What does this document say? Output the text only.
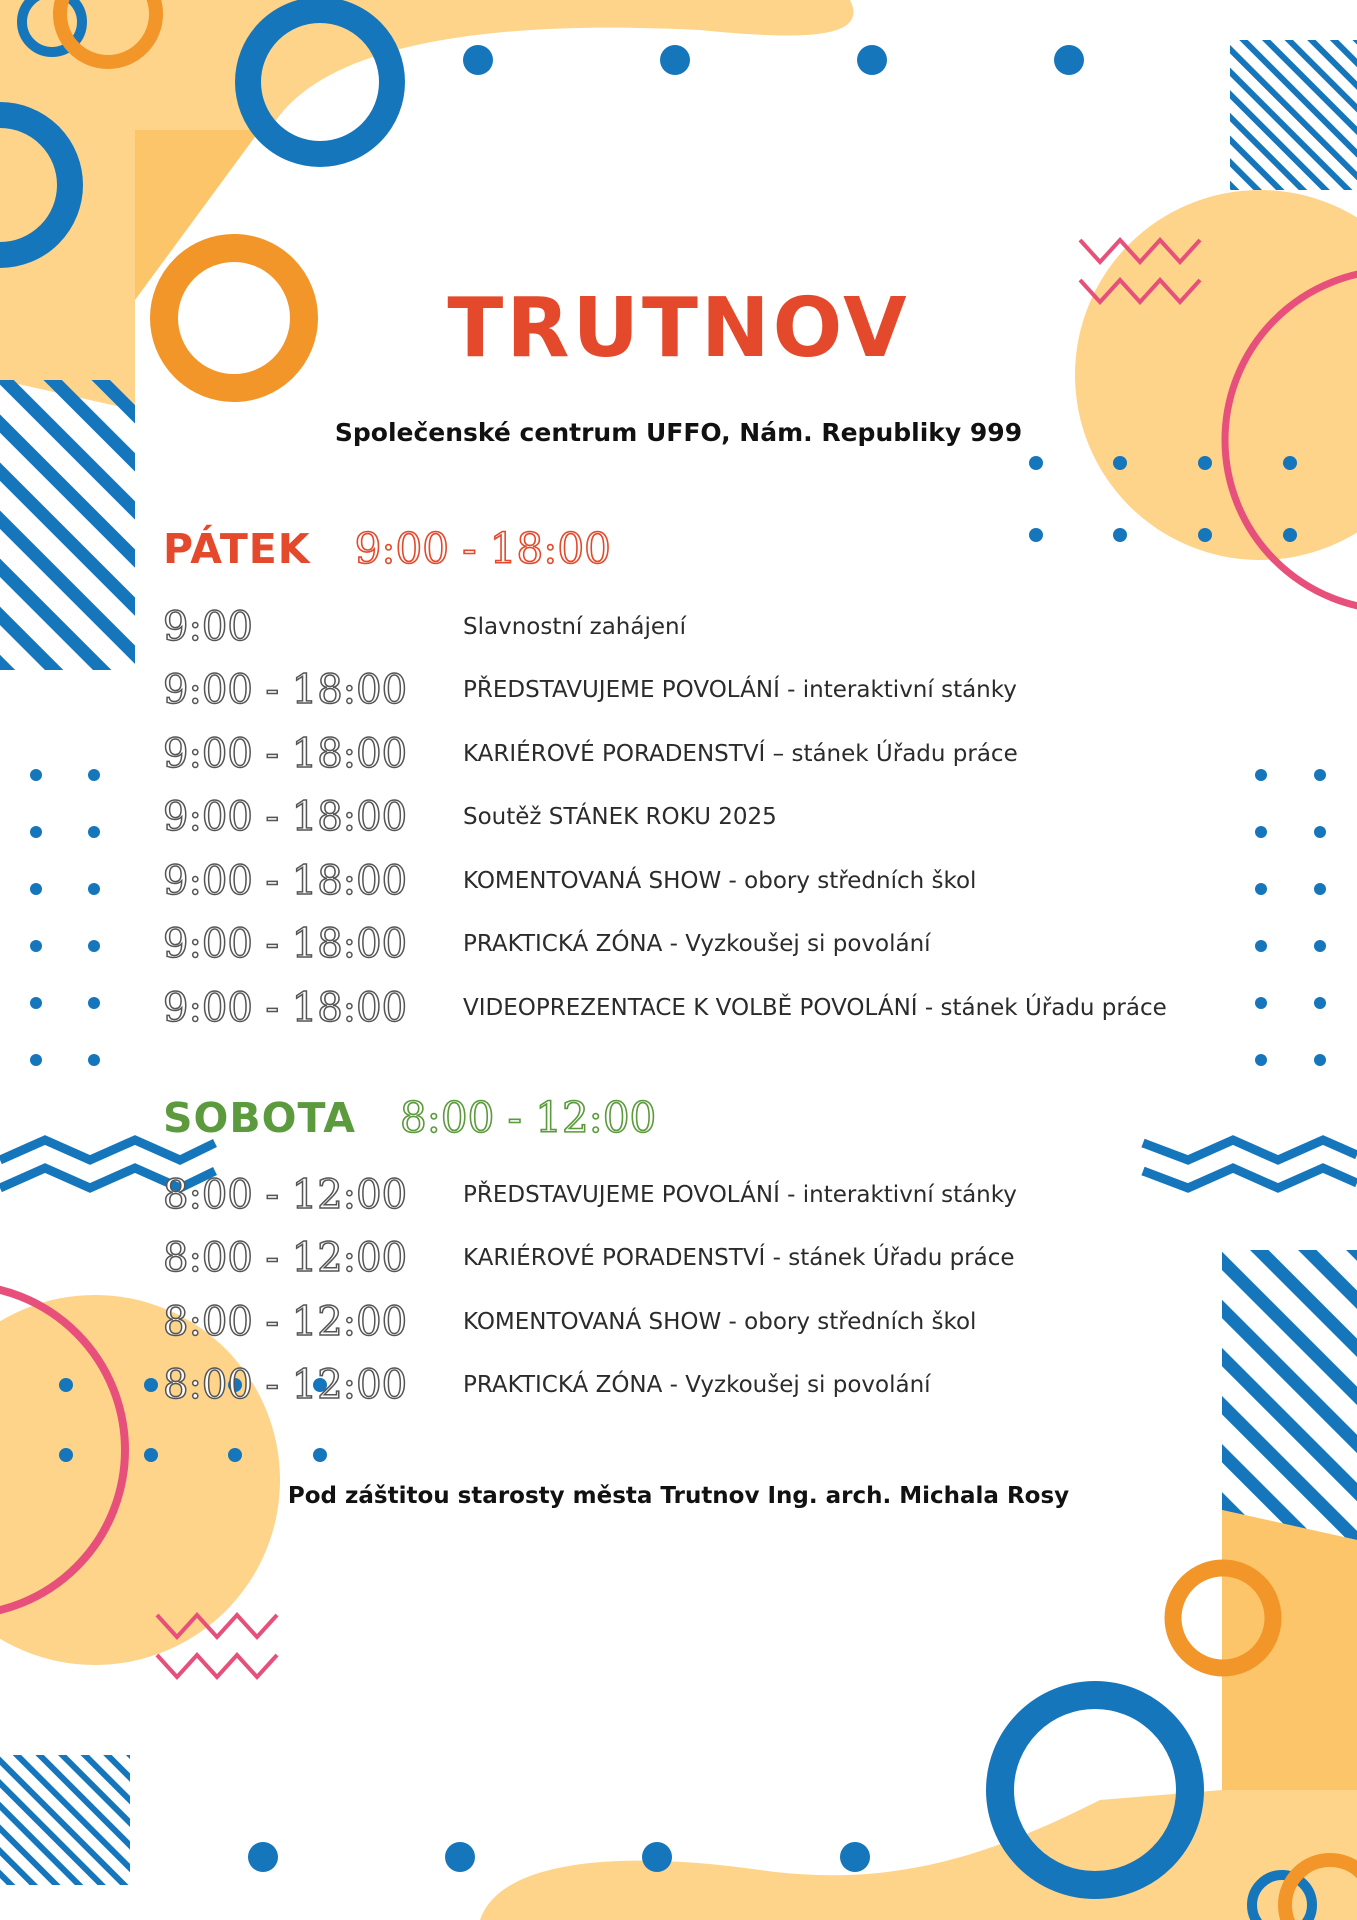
TRUTNOV

Společenské centrum UFFO, Nám. Republiky 999

PÁTEK 9:00 - 18:00
9:00	Slavnostní zahájení
9:00 - 18:00	PŘEDSTAVUJEME POVOLÁNÍ - interaktivní stánky
9:00 - 18:00	KARIÉROVÉ PORADENSTVÍ – stánek Úřadu práce
9:00 - 18:00	Soutěž STÁNEK ROKU 2025
9:00 - 18:00	KOMENTOVANÁ SHOW - obory středních škol
9:00 - 18:00	PRAKTICKÁ ZÓNA - Vyzkoušej si povolání
9:00 - 18:00	VIDEOPREZENTACE K VOLBĚ POVOLÁNÍ - stánek Úřadu práce
SOBOTA 8:00 - 12:00
8:00 - 12:00	PŘEDSTAVUJEME POVOLÁNÍ - interaktivní stánky
8:00 - 12:00	KARIÉROVÉ PORADENSTVÍ - stánek Úřadu práce
8:00 - 12:00	KOMENTOVANÁ SHOW - obory středních škol
8:00 - 12:00	PRAKTICKÁ ZÓNA - Vyzkoušej si povolání

Pod záštitou starosty města Trutnov Ing. arch. Michala Rosy
